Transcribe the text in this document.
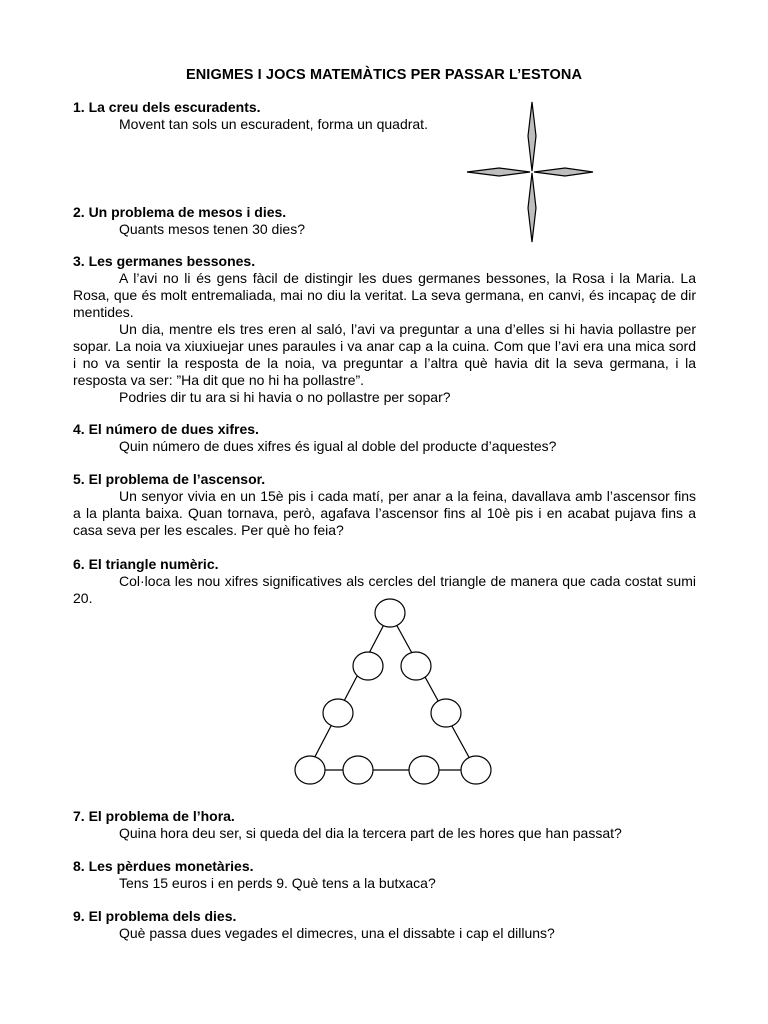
ENIGMES I JOCS MATEMÀTICS PER PASSAR L’ESTONA
1. La creu dels escuradents.
Movent tan sols un escuradent, forma un quadrat.
2. Un problema de mesos i dies.
Quants mesos tenen 30 dies?
3. Les germanes bessones.
A l’avi no li és gens fàcil de distingir les dues germanes bessones, la Rosa i la Maria. La Rosa, que és molt entremaliada, mai no diu la veritat. La seva germana, en canvi, és incapaç de dir mentides.
Un dia, mentre els tres eren al saló, l’avi va preguntar a una d’elles si hi havia pollastre per sopar. La noia va xiuxiuejar unes paraules i va anar cap a la cuina. Com que l’avi era una mica sord i no va sentir la resposta de la noia, va preguntar a l’altra què havia dit la seva germana, i la resposta va ser: ”Ha dit que no hi ha pollastre”.
Podries dir tu ara si hi havia o no pollastre per sopar?
4. El número de dues xifres.
Quin número de dues xifres és igual al doble del producte d’aquestes?
5. El problema de l’ascensor.
Un senyor vivia en un 15è pis i cada matí, per anar a la feina, davallava amb l’ascensor fins a la planta baixa. Quan tornava, però, agafava l’ascensor fins al 10è pis i en acabat pujava fins a casa seva per les escales. Per què ho feia?
6. El triangle numèric.
Col·loca les nou xifres significatives als cercles del triangle de manera que cada costat sumi 20.
7. El problema de l’hora.
Quina hora deu ser, si queda del dia la tercera part de les hores que han passat?
8. Les pèrdues monetàries.
Tens 15 euros i en perds 9. Què tens a la butxaca?
9. El problema dels dies.
Què passa dues vegades el dimecres, una el dissabte i cap el dilluns?
